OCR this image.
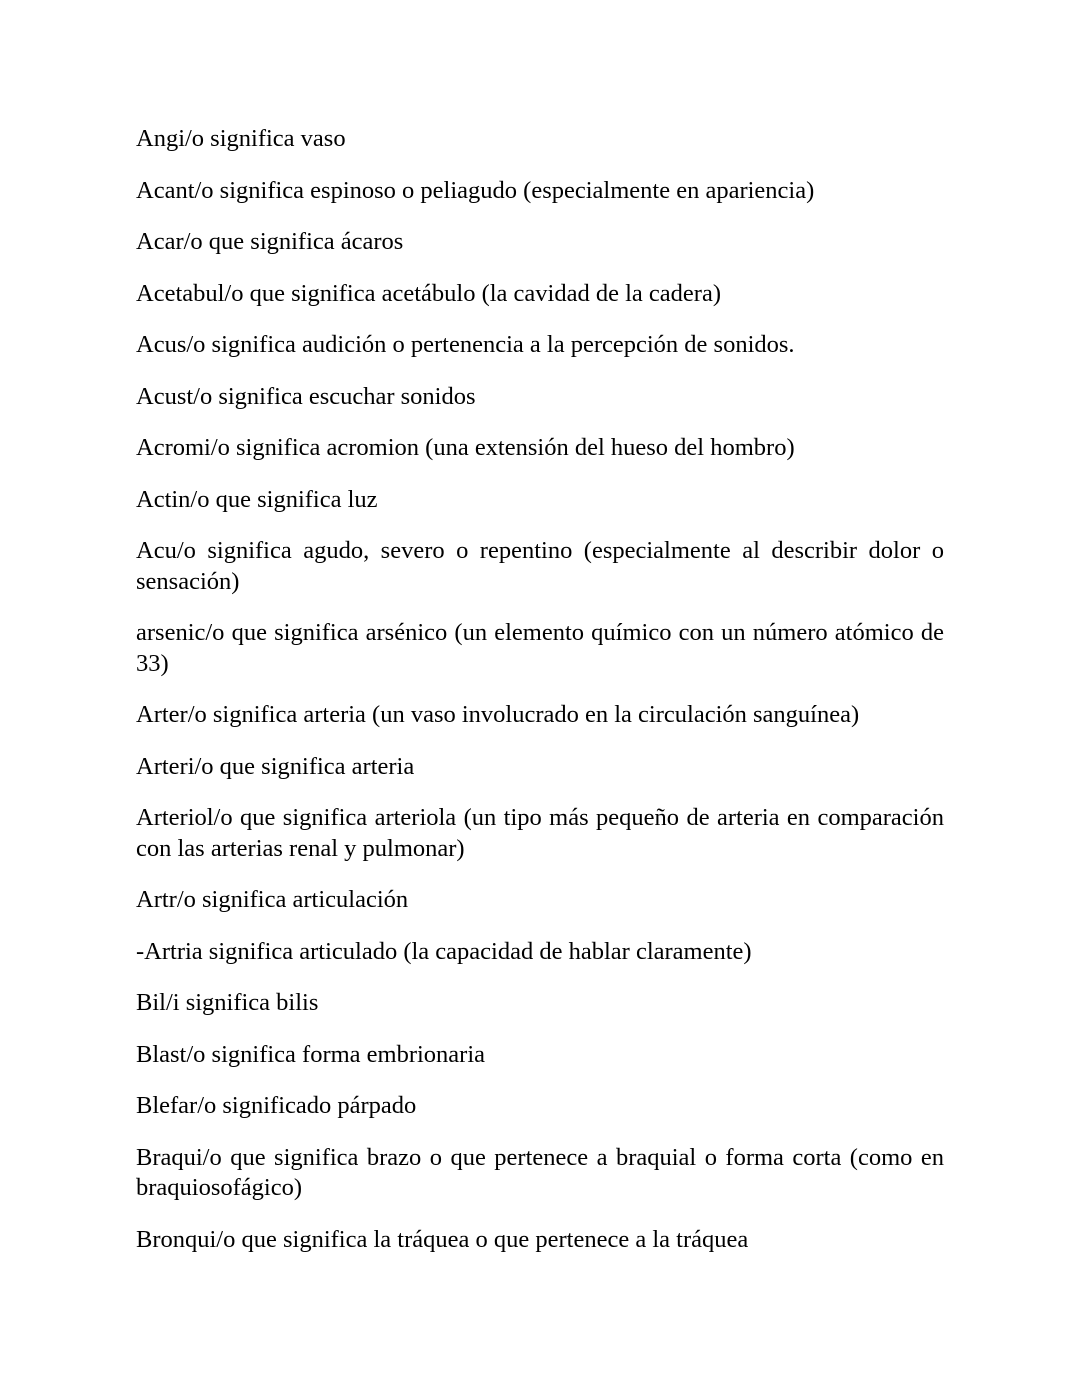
Angi/o significa vaso

Acant/o significa espinoso o peliagudo (especialmente en apariencia)

Acar/o que significa ácaros

Acetabul/o que significa acetábulo (la cavidad de la cadera)

Acus/o significa audición o pertenencia a la percepción de sonidos.

Acust/o significa escuchar sonidos

Acromi/o significa acromion (una extensión del hueso del hombro)

Actin/o que significa luz

Acu/o significa agudo, severo o repentino (especialmente al describir dolor o sensación)

arsenic/o que significa arsénico (un elemento químico con un número atómico de 33)

Arter/o significa arteria (un vaso involucrado en la circulación sanguínea)

Arteri/o que significa arteria

Arteriol/o que significa arteriola (un tipo más pequeño de arteria en comparación con las arterias renal y pulmonar)

Artr/o significa articulación

-Artria significa articulado (la capacidad de hablar claramente)

Bil/i significa bilis

Blast/o significa forma embrionaria

Blefar/o significado párpado

Braqui/o que significa brazo o que pertenece a braquial o forma corta (como en braquiosofágico)

Bronqui/o que significa la tráquea o que pertenece a la tráquea
